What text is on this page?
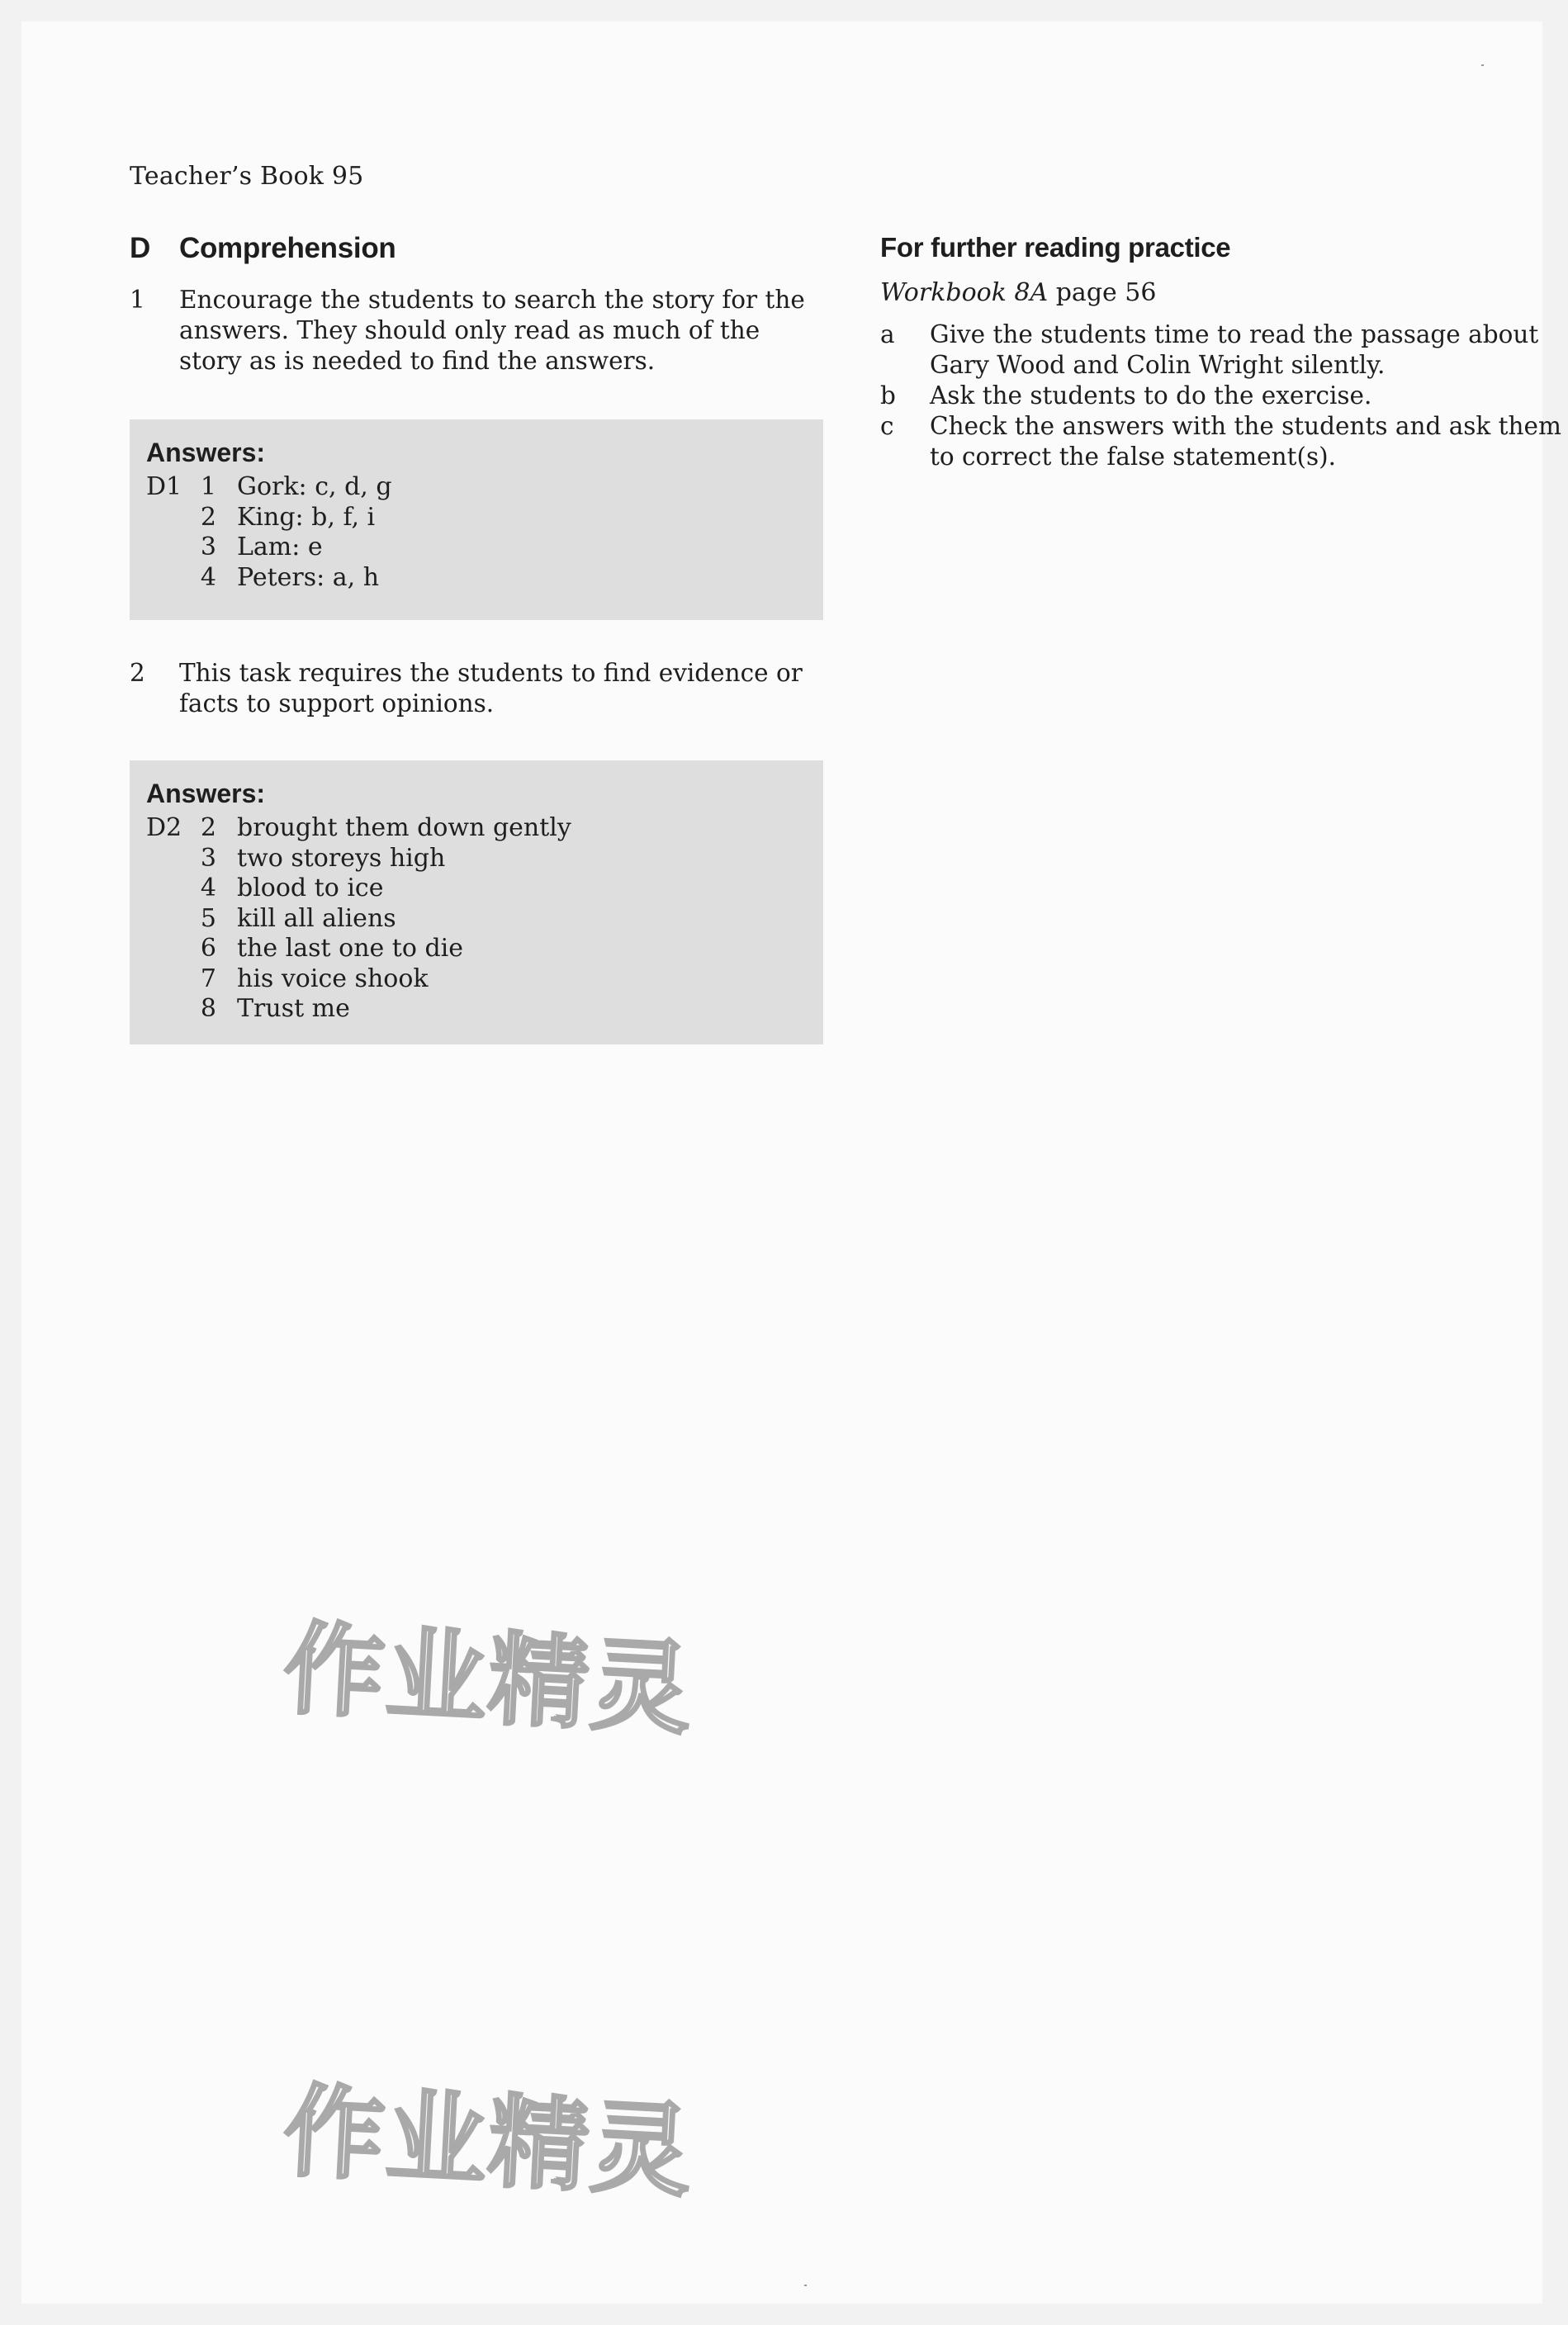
Teacher’s Book 95
D	Comprehension
1	Encourage the students to search the story for the answers. They should only read as much of the story as is needed to find the answers.
Answers:
D1 1 Gork: c, d, g
2 King: b, f, i
3 Lam: e
4 Peters: a, h
2	This task requires the students to find evidence or facts to support opinions.
Answers:
D2 2 brought them down gently
3 two storeys high
4 blood to ice
5 kill all aliens
6 the last one to die
7 his voice shook
8 Trust me
For further reading practice
Workbook 8A page 56
a	Give the students time to read the passage about Gary Wood and Colin Wright silently.
b	Ask the students to do the exercise.
c	Check the answers with the students and ask them to correct the false statement(s).
作业精灵
作业精灵
